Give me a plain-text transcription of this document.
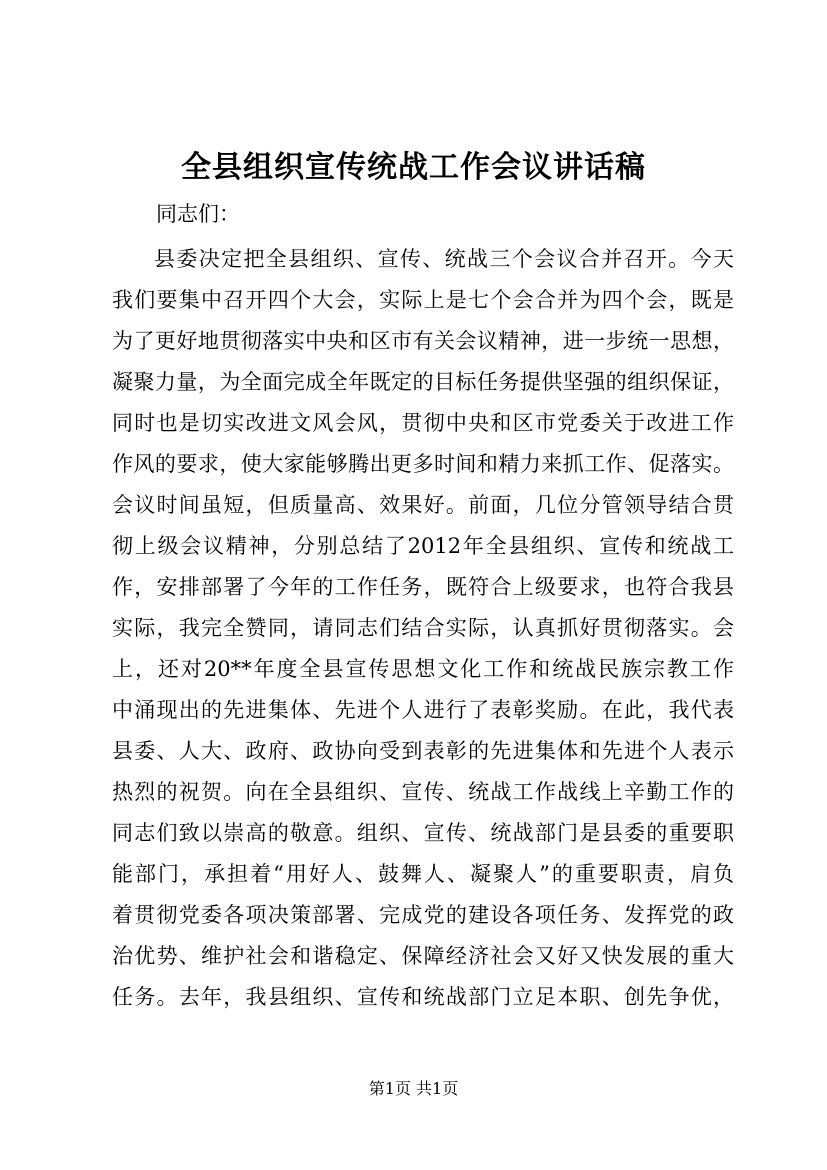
全县组织宣传统战工作会议讲话稿

同志们：

县委决定把全县组织、宣传、统战三个会议合并召开。今天
我们要集中召开四个大会，实际上是七个会合并为四个会，既是
为了更好地贯彻落实中央和区市有关会议精神，进一步统一思想，
凝聚力量，为全面完成全年既定的目标任务提供坚强的组织保证，
同时也是切实改进文风会风，贯彻中央和区市党委关于改进工作
作风的要求，使大家能够腾出更多时间和精力来抓工作、促落实。
会议时间虽短，但质量高、效果好。前面，几位分管领导结合贯
彻上级会议精神，分别总结了2012年全县组织、宣传和统战工
作，安排部署了今年的工作任务，既符合上级要求，也符合我县
实际，我完全赞同，请同志们结合实际，认真抓好贯彻落实。会
上，还对20**年度全县宣传思想文化工作和统战民族宗教工作
中涌现出的先进集体、先进个人进行了表彰奖励。在此，我代表
县委、人大、政府、政协向受到表彰的先进集体和先进个人表示
热烈的祝贺。向在全县组织、宣传、统战工作战线上辛勤工作的
同志们致以崇高的敬意。组织、宣传、统战部门是县委的重要职
能部门，承担着“用好人、鼓舞人、凝聚人”的重要职责，肩负
着贯彻党委各项决策部署、完成党的建设各项任务、发挥党的政
治优势、维护社会和谐稳定、保障经济社会又好又快发展的重大
任务。去年，我县组织、宣传和统战部门立足本职、创先争优，

第1页 共1页
